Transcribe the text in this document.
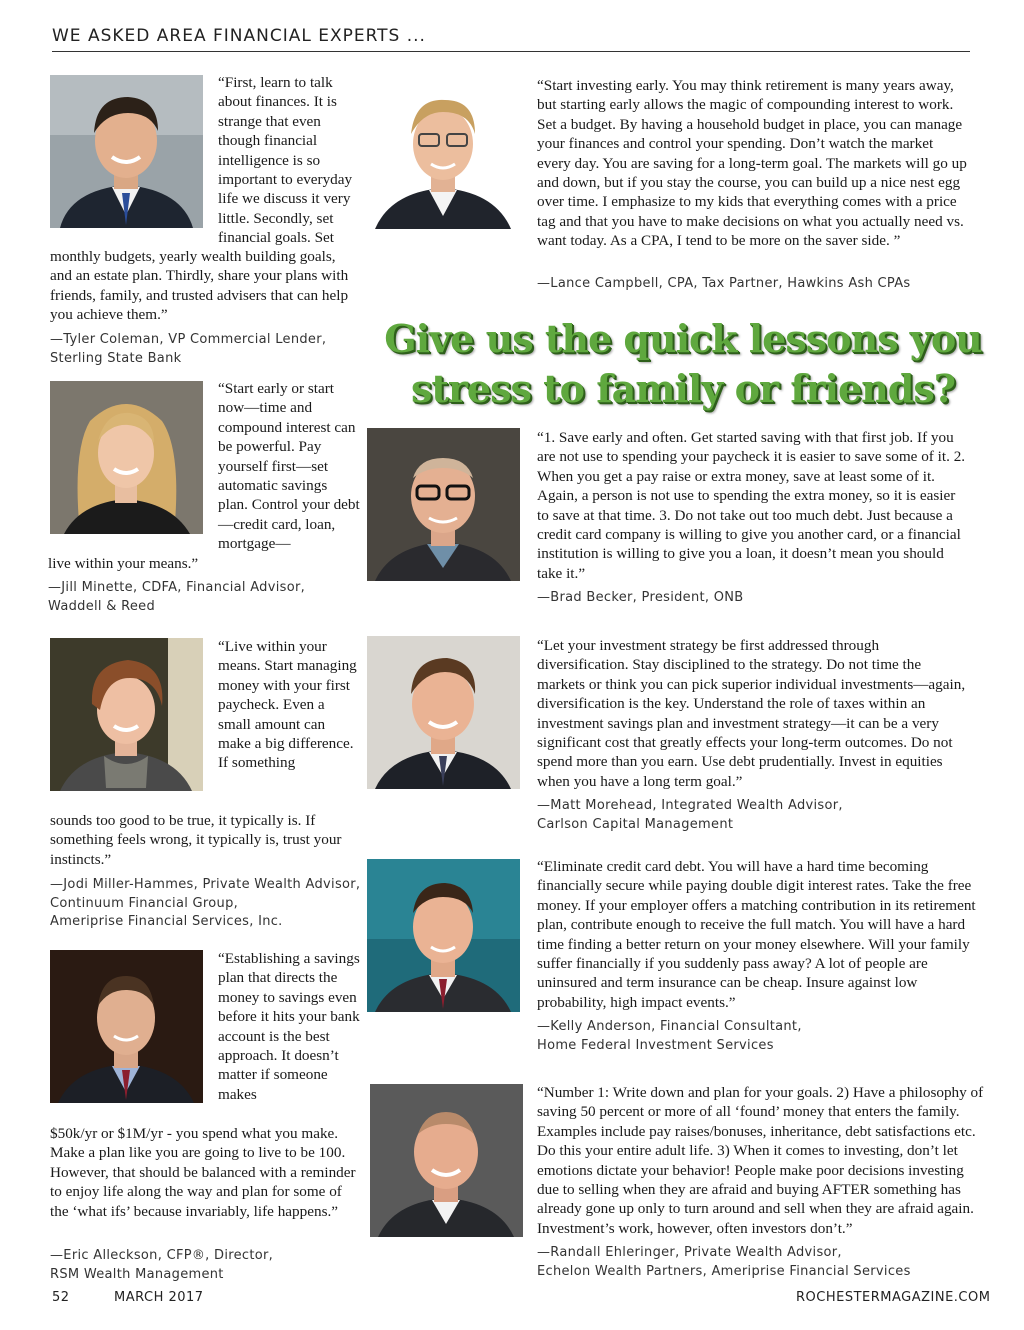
WE ASKED AREA FINANCIAL EXPERTS ...
“First, learn to talk about finances. It is strange that even though financial intelligence is so important to everyday life we discuss it very little. Secondly, set financial goals. Set
monthly budgets, yearly wealth building goals, and an estate plan. Thirdly, share your plans with friends, family, and trusted advisers that can help you achieve them.”
—Tyler Coleman, VP Commercial Lender,
Sterling State Bank
“Start early or start now—time and compound interest can be powerful. Pay yourself first—set automatic savings plan. Control your debt—credit card, loan, mortgage—
live within your means.”
—Jill Minette, CDFA, Financial Advisor,
Waddell & Reed
“Live within your means. Start managing money with your first paycheck. Even a small amount can make a big difference. If something
sounds too good to be true, it typically is. If something feels wrong, it typically is, trust your instincts.”
—Jodi Miller-Hammes, Private Wealth Advisor,
Continuum Financial Group,
Ameriprise Financial Services, Inc.
“Establishing a savings plan that directs the money to savings even before it hits your bank account is the best approach. It doesn’t matter if someone makes
$50k/yr or $1M/yr - you spend what you make. Make a plan like you are going to live to be 100. However, that should be balanced with a reminder to enjoy life along the way and plan for some of the ‘what ifs’ because invariably, life happens.”
—Eric Alleckson, CFP®, Director,
RSM Wealth Management
“Start investing early. You may think retirement is many years away, but starting early allows the magic of compounding interest to work. Set a budget. By having a household budget in place, you can manage your finances and control your spending. Don’t watch the market every day. You are saving for a long-term goal. The markets will go up and down, but if you stay the course, you can build up a nice nest egg over time. I emphasize to my kids that everything comes with a price tag and that you have to make decisions on what you actually need vs. want today. As a CPA, I tend to be more on the saver side. ”
—Lance Campbell, CPA, Tax Partner, Hawkins Ash CPAs
Give us the quick lessons you
stress to family or friends?
“1. Save early and often. Get started saving with that first job. If you are not use to spending your paycheck it is easier to save some of it. 2. When you get a pay raise or extra money, save at least some of it. Again, a person is not use to spending the extra money, so it is easier to save at that time. 3. Do not take out too much debt. Just because a credit card company is willing to give you another card, or a financial institution is willing to give you a loan, it doesn’t mean you should take it.”
—Brad Becker, President, ONB
“Let your investment strategy be first addressed through diversification. Stay disciplined to the strategy. Do not time the markets or think you can pick superior individual investments—again, diversification is the key. Understand the role of taxes within an investment savings plan and investment strategy—it can be a very significant cost that greatly effects your long-term outcomes. Do not spend more than you earn. Use debt prudentially. Invest in equities when you have a long term goal.”
—Matt Morehead, Integrated Wealth Advisor,
Carlson Capital Management
“Eliminate credit card debt. You will have a hard time becoming financially secure while paying double digit interest rates. Take the free money. If your employer offers a matching contribution in its retirement plan, contribute enough to receive the full match. You will have a hard time finding a better return on your money elsewhere. Will your family suffer financially if you suddenly pass away? A lot of people are uninsured and term insurance can be cheap. Insure against low probability, high impact events.”
—Kelly Anderson, Financial Consultant,
Home Federal Investment Services
“Number 1: Write down and plan for your goals. 2) Have a philosophy of saving 50 percent or more of all ‘found’ money that enters the family. Examples include pay raises/bonuses, inheritance, debt satisfactions etc. Do this your entire adult life. 3) When it comes to investing, don’t let emotions dictate your behavior! People make poor decisions investing due to selling when they are afraid and buying AFTER something has already gone up only to turn around and sell when they are afraid again. Investment’s work, however, often investors don’t.”
—Randall Ehleringer, Private Wealth Advisor,
Echelon Wealth Partners, Ameriprise Financial Services
52	MARCH 2017	ROCHESTERMAGAZINE.COM
